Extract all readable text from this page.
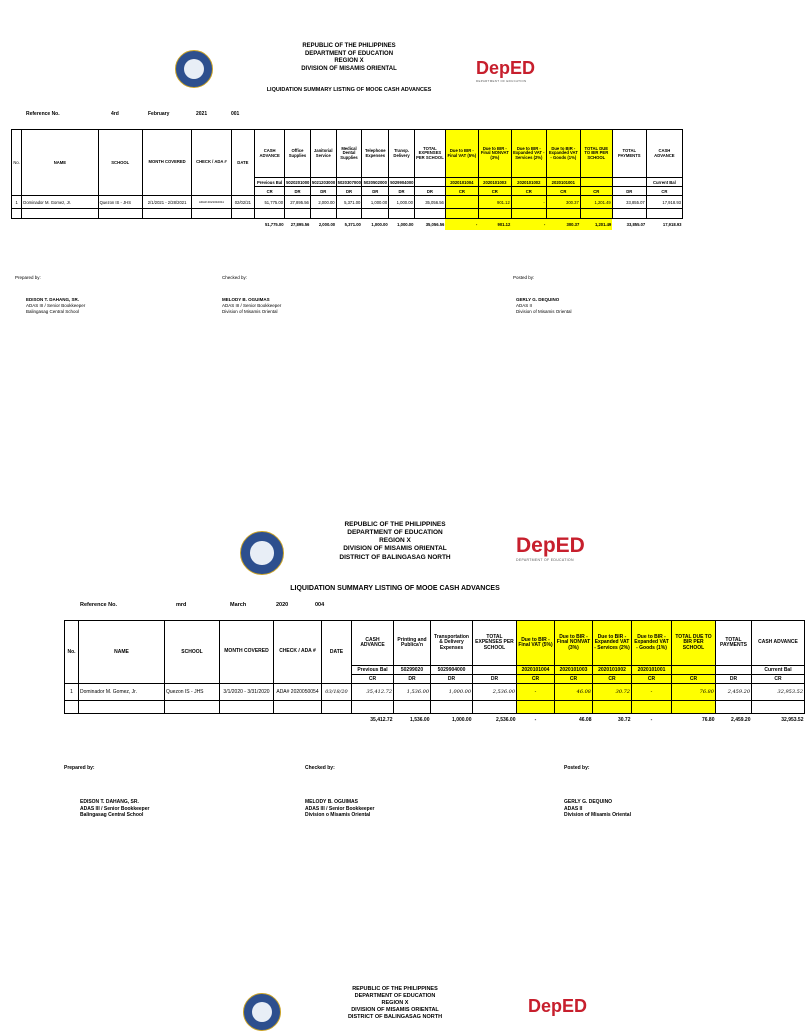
REPUBLIC OF THE PHILIPPINES
DEPARTMENT OF EDUCATION
REGION X
DIVISION OF MISAMIS ORIENTAL	DepED
DEPARTMENT OF EDUCATION
LIQUIDATION SUMMARY LISTING OF MOOE CASH ADVANCES
Reference No.	4rd	February	2021	001
No.	NAME	SCHOOL	MONTH COVERED	CHECK / ADA #	DATE	CASH ADVANCE	Office Supplies	Janitorial Service	Medical Dental Supplies	Telephone Expenses	Transp. Delivery	TOTAL EXPENSES PER SCHOOL	Due to BIR - Final VAT (5%)	Due to BIR - Final NONVAT (3%)	Due to BIR - Expanded VAT - Services (2%)	Due to BIR - Expanded VAT - Goods (1%)	TOTAL DUE TO BIR PER SCHOOL	TOTAL PAYMENTS	CASH ADVANCE
						Previous Bal	5020201000	5021203000	5020307000	5020502000	5029904000		2020101004	2020101003	2020101002	2020101001			Current Bal
						CR	DR	DR	DR	DR	DR	DR	CR	CR	CR	CR	CR	DR	CR
1	Dominador M. Gomez, Jr.	Quezon IS - JHS	2/1/2021 - 2/28/2021	ADA# 2021010011	02/02/21	51,775.00	27,895.56	2,000.00	5,371.00	1,000.00	1,000.00	35,056.56		901.12	-	300.37	1,201.49	33,855.07	17,918.93

						51,775.00	27,895.56	2,000.00	5,371.00	1,000.00	1,000.00	35,056.56	-	901.12	-	300.37	1,201.49	33,855.07	17,918.93
Prepared by:	Checked by:	Posted by:
EDISON T. DAHANG, SR.
ADAS III / Senior Bookkeeper
Balingasag Central School
MELODY B. OGUIMAS
ADAS III / Senior Bookkeeper
Division of Misamis Oriental
GERLY G. DEQUINO
ADAS II
Division of Misamis Oriental
REPUBLIC OF THE PHILIPPINES
DEPARTMENT OF EDUCATION
REGION X
DIVISION OF MISAMIS ORIENTAL
DISTRICT OF BALINGASAG NORTH	DepED
DEPARTMENT OF EDUCATION
LIQUIDATION SUMMARY LISTING OF MOOE CASH ADVANCES
Reference No.	mrd	March	2020	004
No.	NAME	SCHOOL	MONTH COVERED	CHECK / ADA #	DATE	CASH ADVANCE	Printing and Publica'n	Transportation & Delivery Expenses	TOTAL EXPENSES PER SCHOOL	Due to BIR - Final VAT (5%)	Due to BIR - Final NONVAT (3%)	Due to BIR - Expanded VAT - Services (2%)	Due to BIR - Expanded VAT - Goods (1%)	TOTAL DUE TO BIR PER SCHOOL	TOTAL PAYMENTS	CASH ADVANCE
						Previous Bal	50299020	5029904000		2020101004	2020101003	2020101002	2020101001			Current Bal
						CR	DR	DR	DR	CR	CR	CR	CR	CR	DR	CR
1	Dominador M. Gomez, Jr.	Quezon IS - JHS	3/1/2020 - 3/31/2020	ADA# 2020050054	03/18/20	35,412.72	1,536.00	1,000.00	2,536.00	-	46.08	30.72	-	76.80	2,459.20	32,953.52

						35,412.72	1,536.00	1,000.00	2,536.00	-	46.08	30.72	-	76.80	2,459.20	32,953.52
Prepared by:	Checked by:	Posted by:
EDISON T. DAHANG, SR.
ADAS III / Senior Bookkeeper
Balingasag Central School
MELODY B. OGUIMAS
ADAS III / Senior Bookkeeper
Division o Misamis Oriental
GERLY G. DEQUINO
ADAS II
Division of Misamis Oriental
REPUBLIC OF THE PHILIPPINES
DEPARTMENT OF EDUCATION
REGION X
DIVISION OF MISAMIS ORIENTAL
DISTRICT OF BALINGASAG NORTH
DepED
